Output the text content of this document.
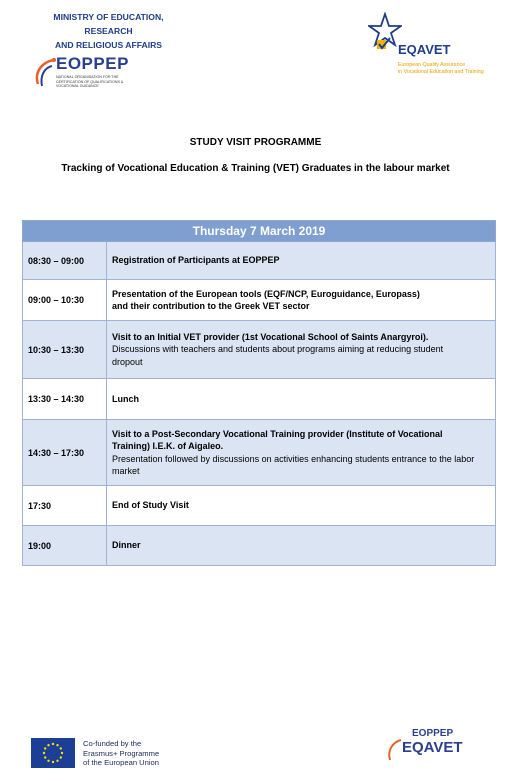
MINISTRY OF EDUCATION, RESEARCH
AND RELIGIOUS AFFAIRS
EOPPEP
NATIONAL ORGANISATION FOR THE CERTIFICATION OF QUALIFICATIONS & VOCATIONAL GUIDANCE
EQAVET
European Quality Assurance
in Vocational Education and Training
STUDY VISIT PROGRAMME
Tracking of Vocational Education & Training (VET) Graduates in the labour market
Thursday 7 March 2019	
08:30 – 09:00	Registration of Participants at EOPPEP

09:00 – 10:30	Presentation of the European tools (EQF/NCP, Euroguidance, Europass)
and their contribution to the Greek VET sector

10:30 – 13:30	Visit to an Initial VET provider (1st Vocational School of Saints Anargyroi).
Discussions with teachers and students about programs aiming at reducing student
dropout

13:30 – 14:30	Lunch

14:30 – 17:30	Visit to a Post-Secondary Vocational Training provider (Institute of Vocational
Training) I.E.K. of Aigaleo.
Presentation followed by discussions on activities enhancing students entrance to the labor market

17:30	End of Study Visit

19:00	Dinner
Co-funded by the
Erasmus+ Programme
of the European Union
EOPPEP
EQAVET
